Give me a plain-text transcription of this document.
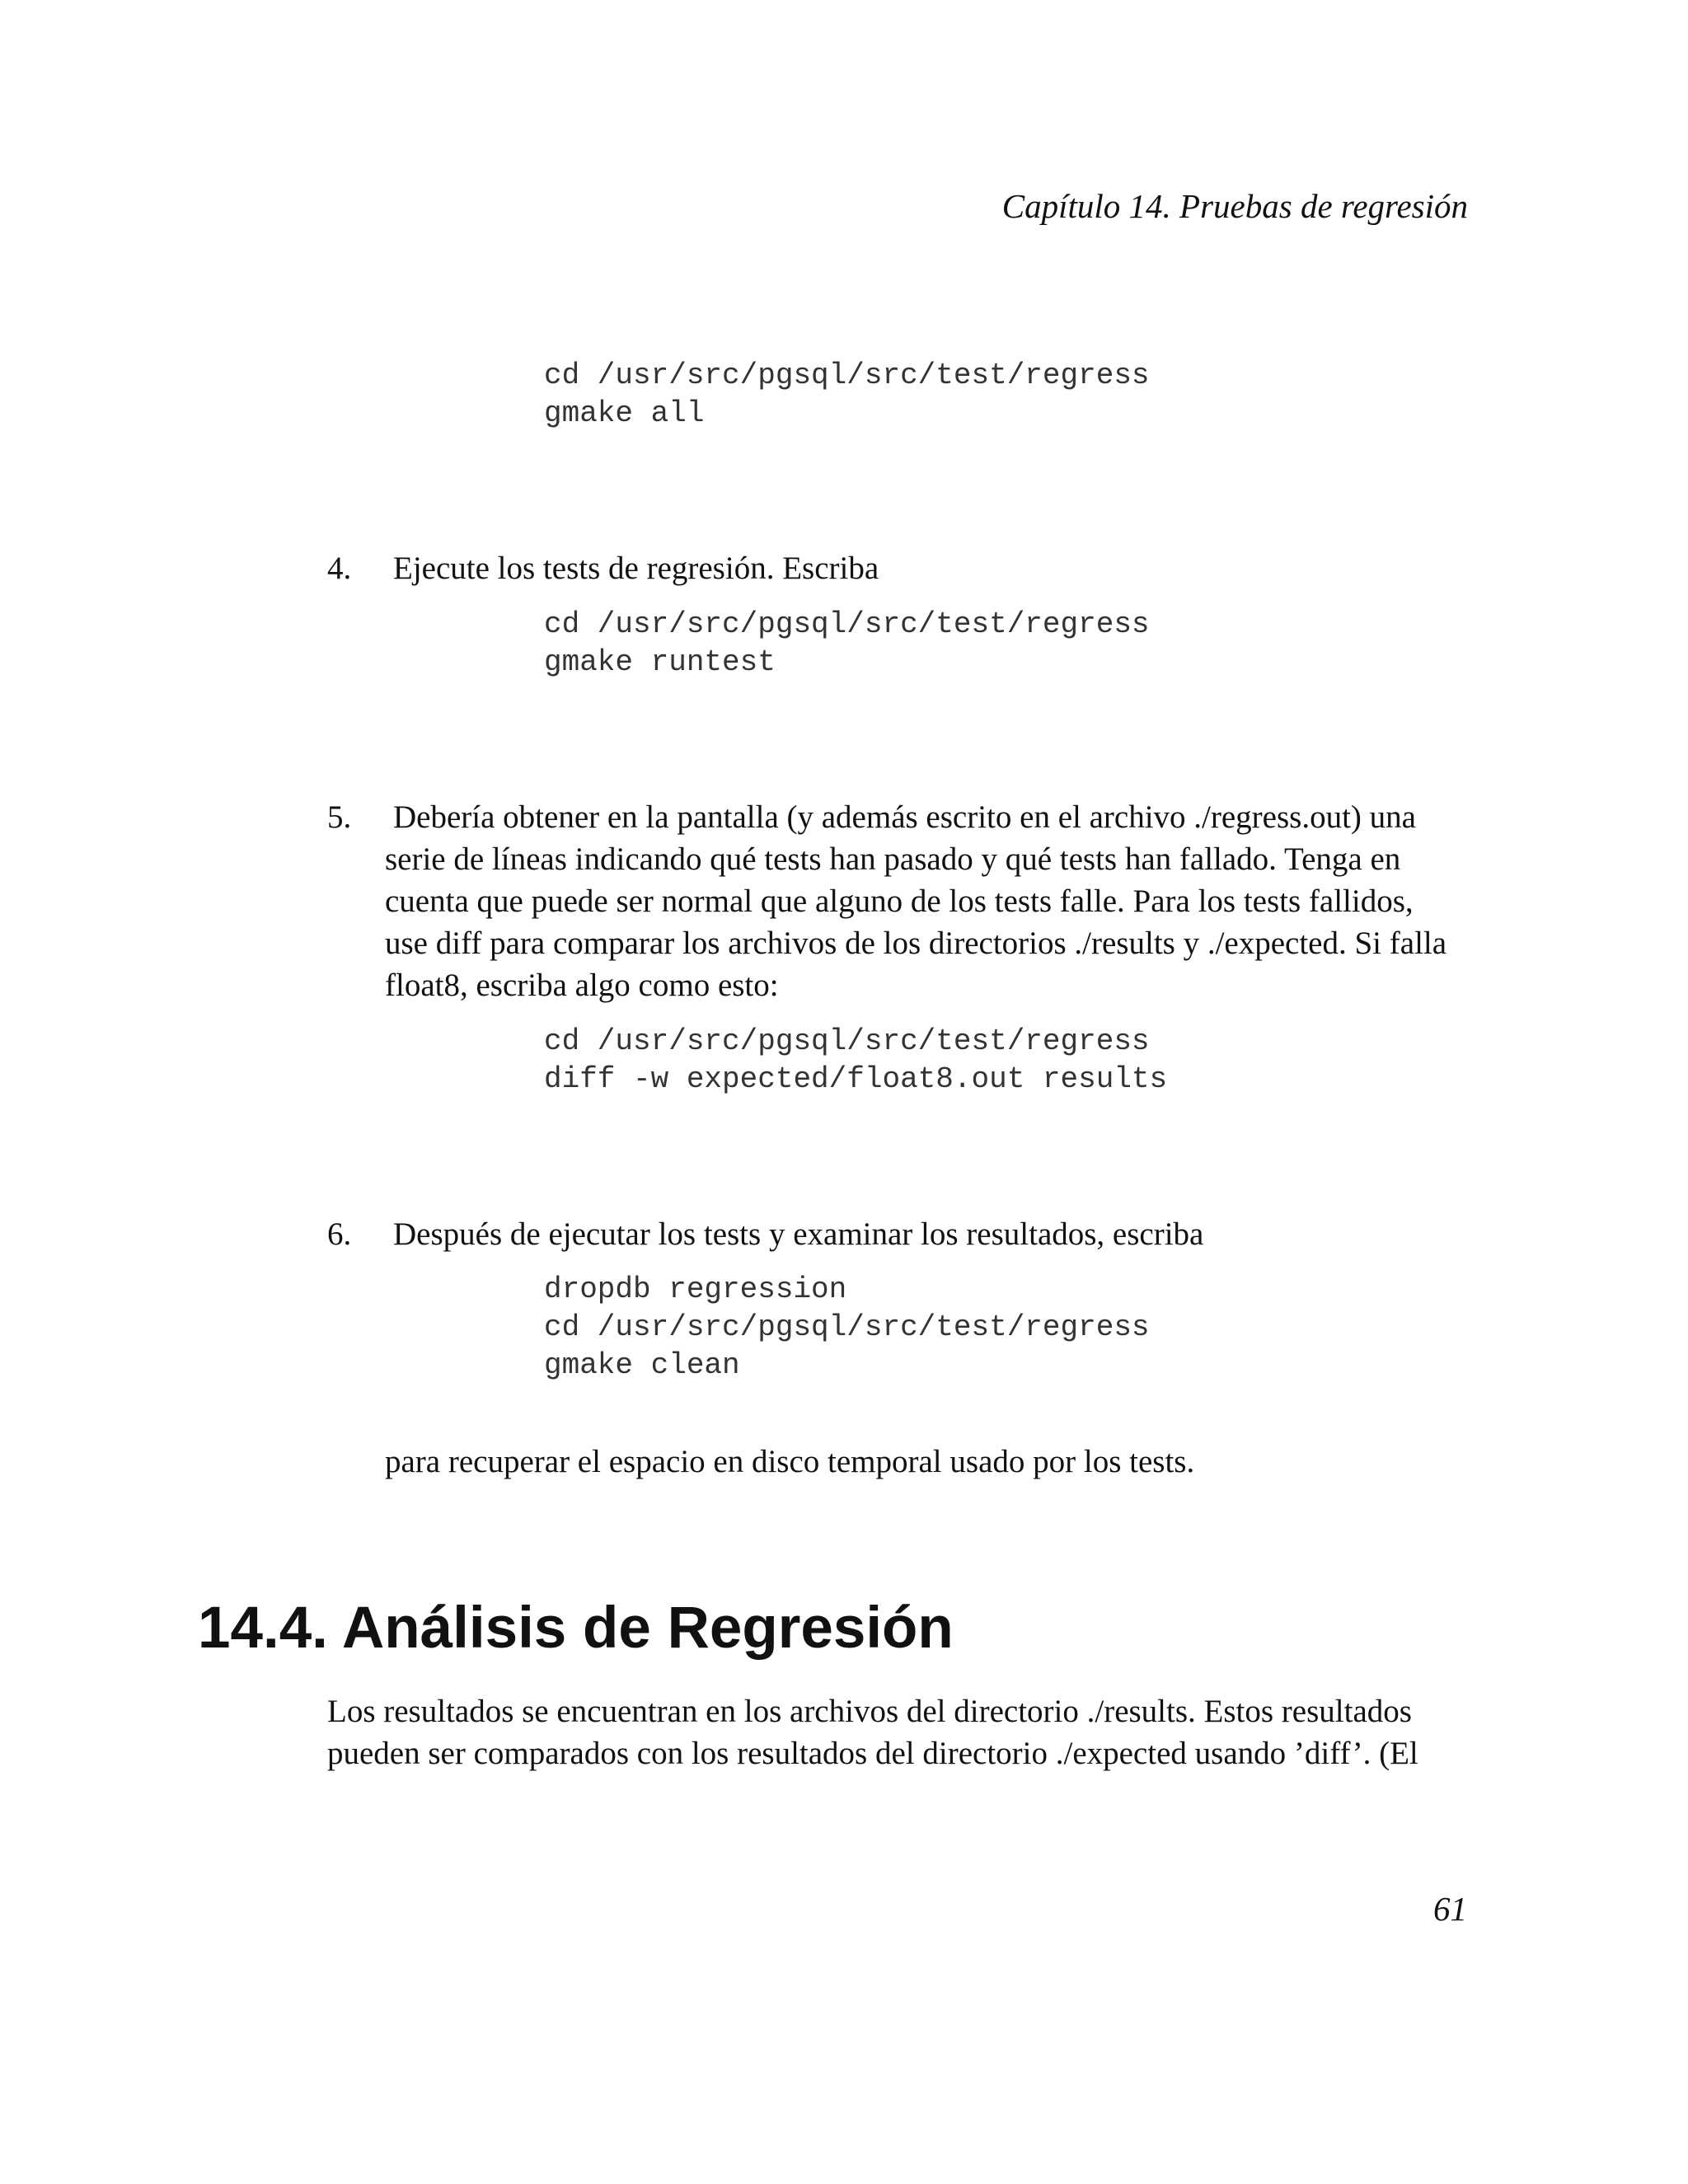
Capítulo 14. Pruebas de regresión
cd /usr/src/pgsql/src/test/regress
gmake all
4. Ejecute los tests de regresión. Escriba
cd /usr/src/pgsql/src/test/regress
gmake runtest
5. Debería obtener en la pantalla (y además escrito en el archivo ./regress.out) una
serie de líneas indicando qué tests han pasado y qué tests han fallado. Tenga en
cuenta que puede ser normal que alguno de los tests falle. Para los tests fallidos,
use diff para comparar los archivos de los directorios ./results y ./expected. Si falla
float8, escriba algo como esto:
cd /usr/src/pgsql/src/test/regress
diff -w expected/float8.out results
6. Después de ejecutar los tests y examinar los resultados, escriba
dropdb regression
cd /usr/src/pgsql/src/test/regress
gmake clean
para recuperar el espacio en disco temporal usado por los tests.
14.4. Análisis de Regresión
Los resultados se encuentran en los archivos del directorio ./results. Estos resultados
pueden ser comparados con los resultados del directorio ./expected usando ’diff’. (El
61
